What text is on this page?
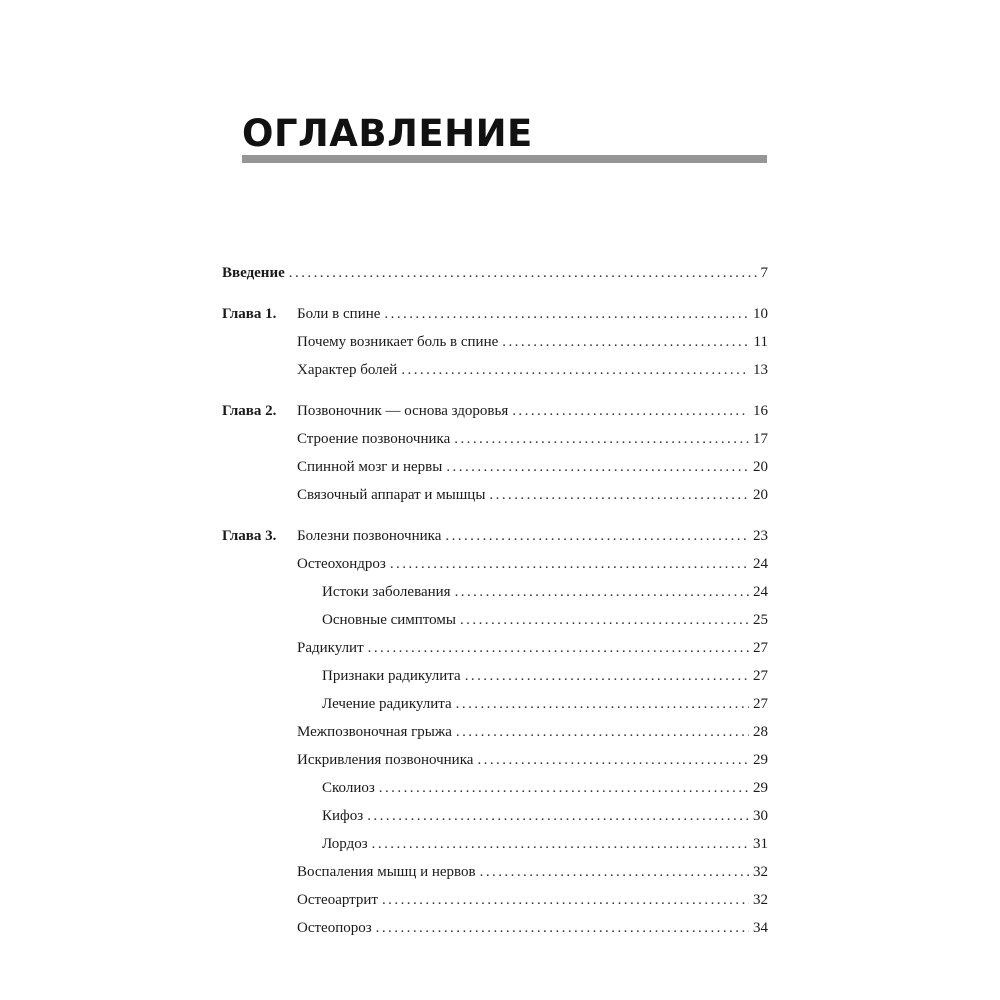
ОГЛАВЛЕНИЕ
Введение . . .	7
Глава 1. Боли в спине . . .	10
Почему возникает боль в спине . . .	11
Характер болей . . .	13
Глава 2. Позвоночник — основа здоровья . . .	16
Строение позвоночника . . .	17
Спинной мозг и нервы . . .	20
Связочный аппарат и мышцы . . .	20
Глава 3. Болезни позвоночника . . .	23
Остеохондроз . . .	24
Истоки заболевания . . .	24
Основные симптомы . . .	25
Радикулит . . .	27
Признаки радикулита . . .	27
Лечение радикулита . . .	27
Межпозвоночная грыжа . . .	28
Искривления позвоночника . . .	29
Сколиоз . . .	29
Кифоз . . .	30
Лордоз . . .	31
Воспаления мышц и нервов . . .	32
Остеоартрит . . .	32
Остеопороз . . .	34
